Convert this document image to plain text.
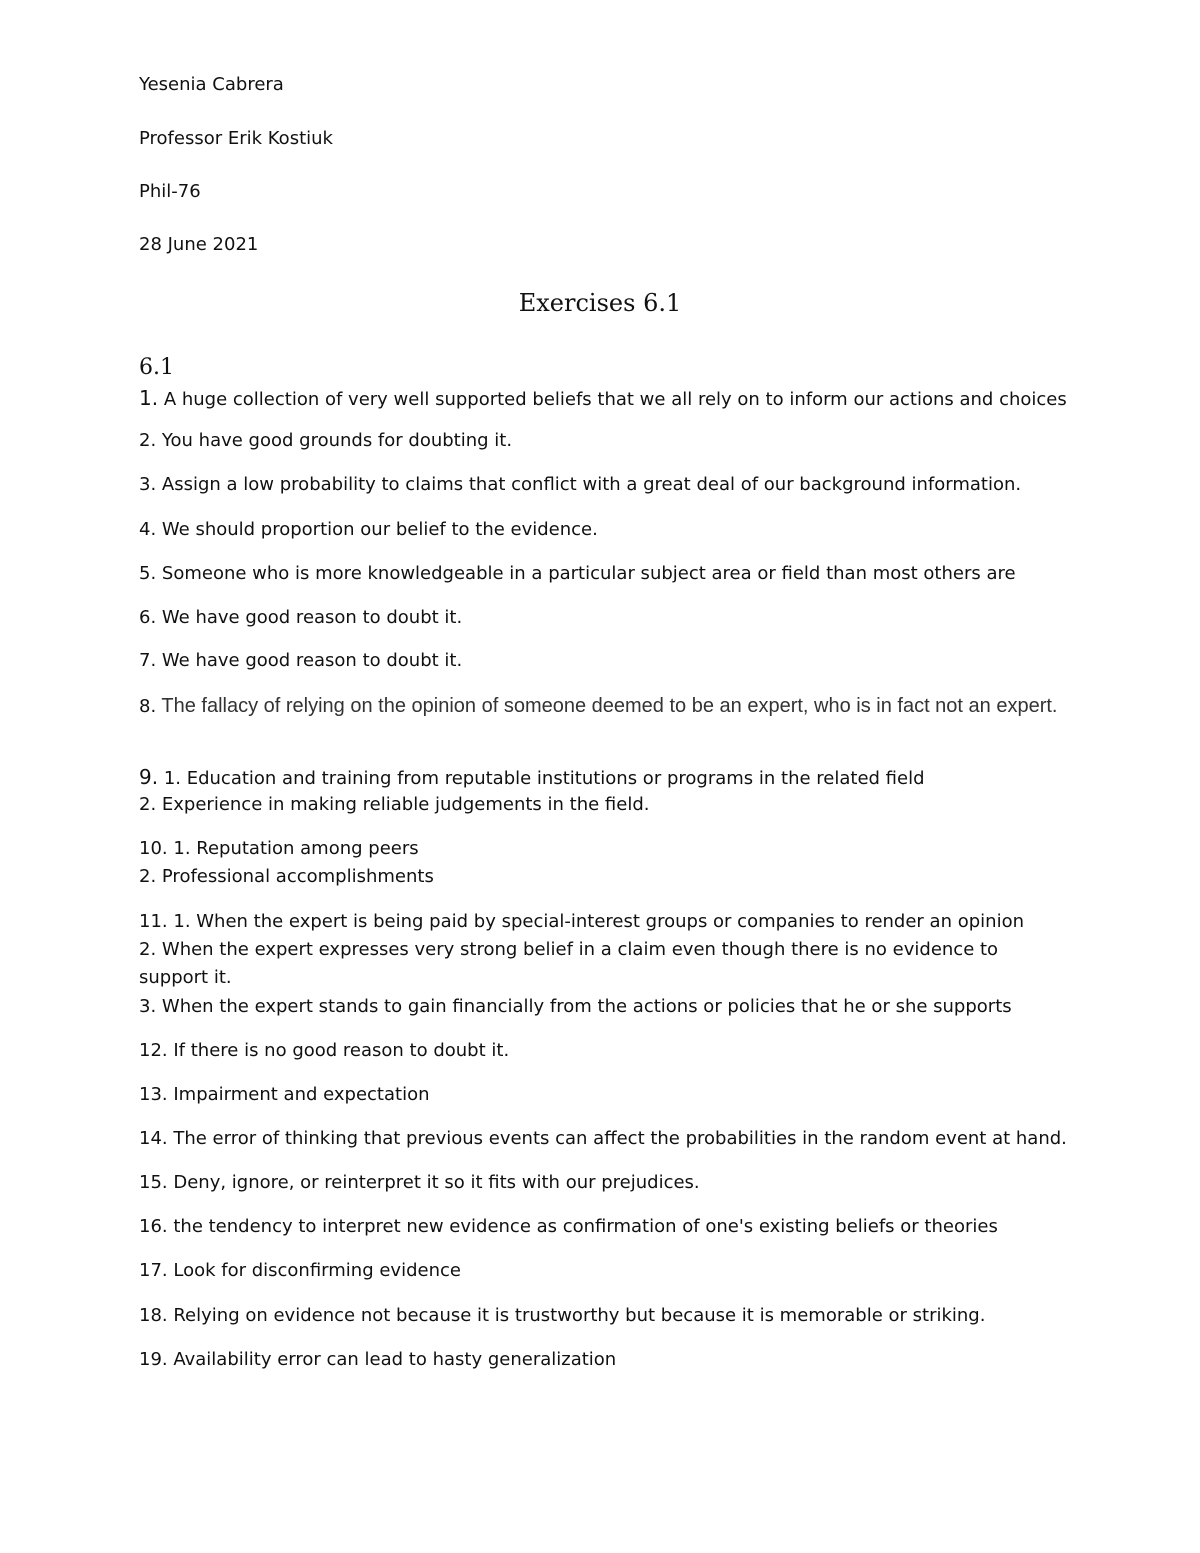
Yesenia Cabrera
Professor Erik Kostiuk
Phil-76
28 June 2021
Exercises 6.1
6.1
1. A huge collection of very well supported beliefs that we all rely on to inform our actions and choices
2. You have good grounds for doubting it.
3. Assign a low probability to claims that conflict with a great deal of our background information.
4. We should proportion our belief to the evidence.
5. Someone who is more knowledgeable in a particular subject area or field than most others are
6. We have good reason to doubt it.
7. We have good reason to doubt it.
8. The fallacy of relying on the opinion of someone deemed to be an expert, who is in fact not an expert.
9. 1. Education and training from reputable institutions or programs in the related field
2. Experience in making reliable judgements in the field.
10. 1. Reputation among peers
2. Professional accomplishments
11. 1. When the expert is being paid by special-interest groups or companies to render an opinion
2. When the expert expresses very strong belief in a claim even though there is no evidence to support it.
3. When the expert stands to gain financially from the actions or policies that he or she supports
12. If there is no good reason to doubt it.
13. Impairment and expectation
14. The error of thinking that previous events can affect the probabilities in the random event at hand.
15. Deny, ignore, or reinterpret it so it fits with our prejudices.
16. the tendency to interpret new evidence as confirmation of one's existing beliefs or theories
17. Look for disconfirming evidence
18. Relying on evidence not because it is trustworthy but because it is memorable or striking.
19. Availability error can lead to hasty generalization
